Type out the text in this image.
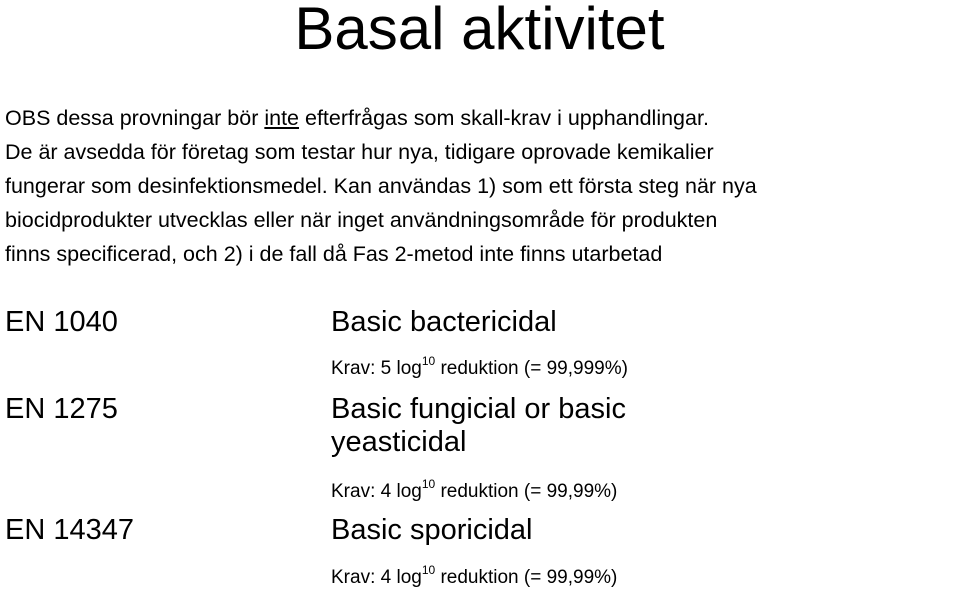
Basal aktivitet
OBS dessa provningar bör inte efterfrågas som skall-krav i upphandlingar.
De är avsedda för företag som testar hur nya, tidigare oprovade kemikalier
fungerar som desinfektionsmedel. Kan användas 1) som ett första steg när nya
biocidprodukter utvecklas eller när inget användningsområde för produkten
finns specificerad, och 2) i de fall då Fas 2-metod inte finns utarbetad
EN 1040	Basic bactericidal
Krav: 5 $\log^{10}$ reduktion (= 99,999%)
EN 1275	Basic fungicial or basic
yeasticidal
Krav: 4 $\log^{10}$ reduktion (= 99,99%)
EN 14347	Basic sporicidal
Krav: 4 $\log^{10}$ reduktion (= 99,99%)
